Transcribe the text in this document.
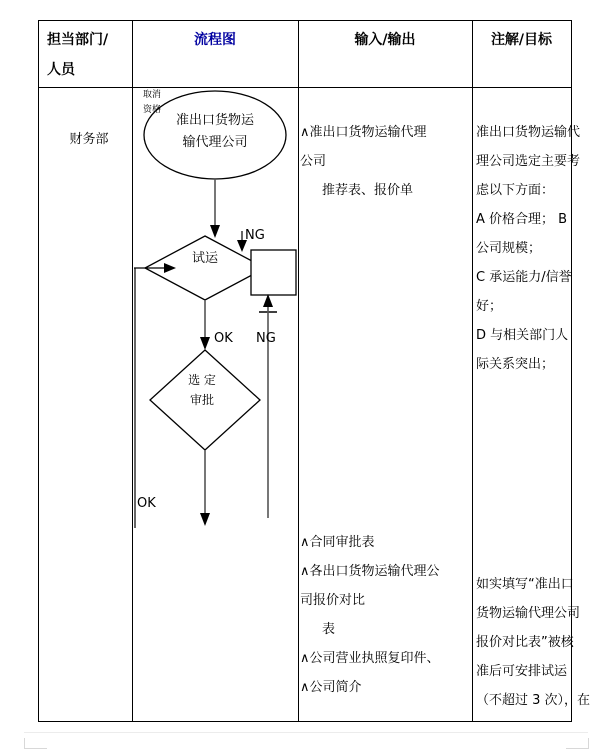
担当部门/
人员
流程图	输入/输出	注解/目标
财务部
准出口货物运
输代理公司
试运
选 定
审批
取消
资格
NG
OK NG
OK
∧准出口货物运输代理
公司
推荐表、报价单
∧合同审批表
∧各出口货物运输代理公
司报价对比
表
∧公司营业执照复印件、
∧公司简介
准出口货物运输代
理公司选定主要考
虑以下方面：
A 价格合理； B
公司规模；
C 承运能力/信誉
好；
D 与相关部门人
际关系突出；
如实填写“准出口
货物运输代理公司
报价对比表”被核
准后可安排试运
（不超过 3 次），在
